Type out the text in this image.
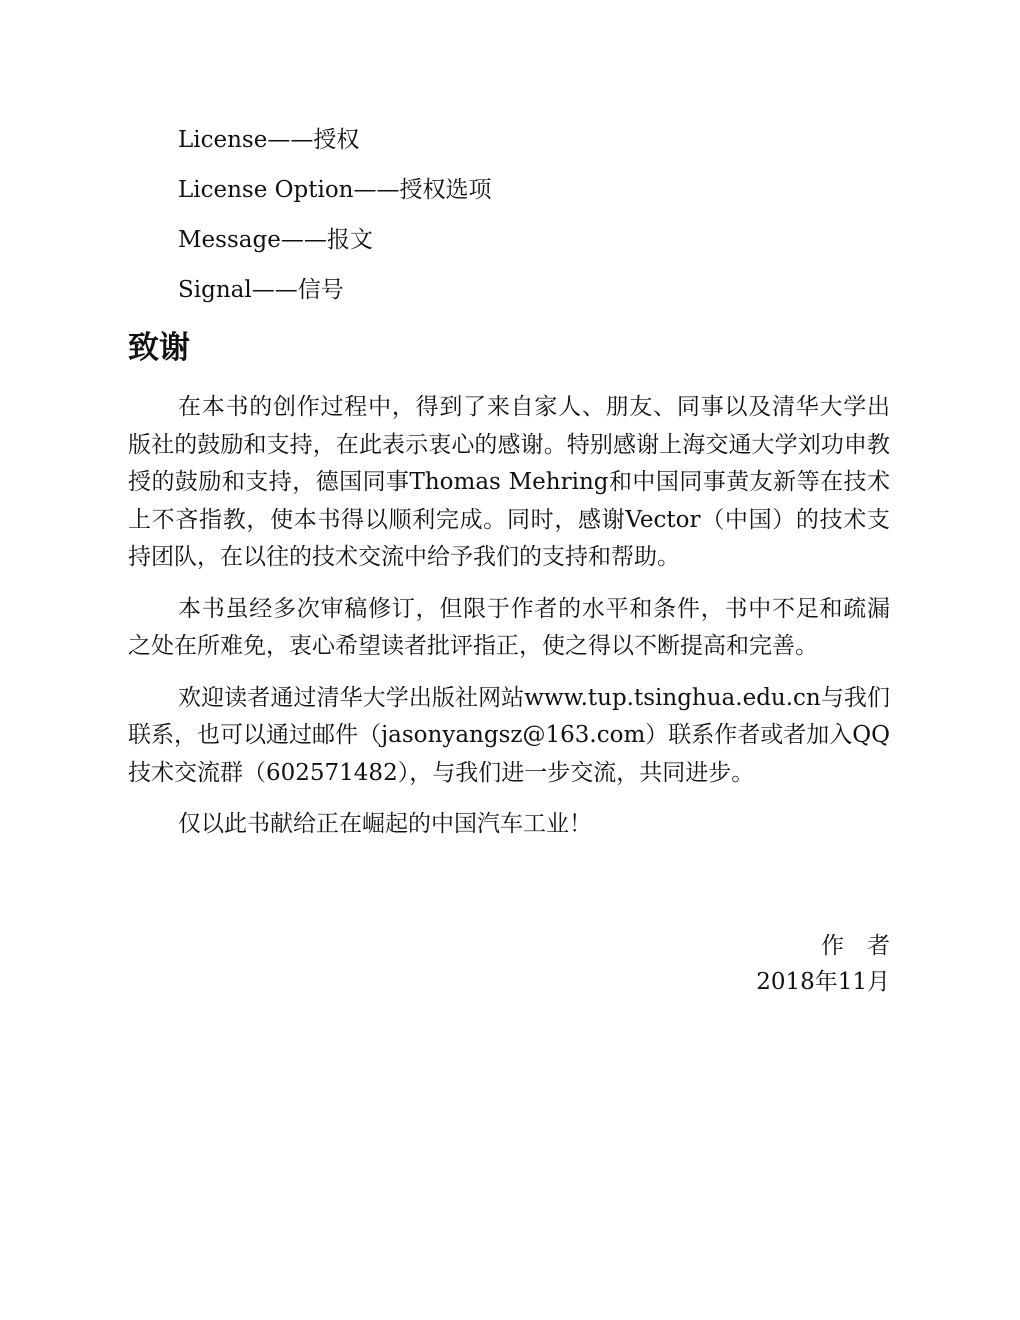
License——授权
License Option——授权选项
Message——报文
Signal——信号
致谢

在本书的创作过程中，得到了来自家人、朋友、同事以及清华大学出版社的鼓励和支持，在此表示衷心的感谢。特别感谢上海交通大学刘功申教授的鼓励和支持，德国同事Thomas Mehring和中国同事黄友新等在技术上不吝指教，使本书得以顺利完成。同时，感谢Vector（中国）的技术支持团队，在以往的技术交流中给予我们的支持和帮助。

本书虽经多次审稿修订，但限于作者的水平和条件，书中不足和疏漏之处在所难免，衷心希望读者批评指正，使之得以不断提高和完善。

欢迎读者通过清华大学出版社网站www.tup.tsinghua.edu.cn与我们联系，也可以通过邮件（jasonyangsz@163.com）联系作者或者加入QQ技术交流群（602571482），与我们进一步交流，共同进步。

仅以此书献给正在崛起的中国汽车工业！

作　者
2018年11月
